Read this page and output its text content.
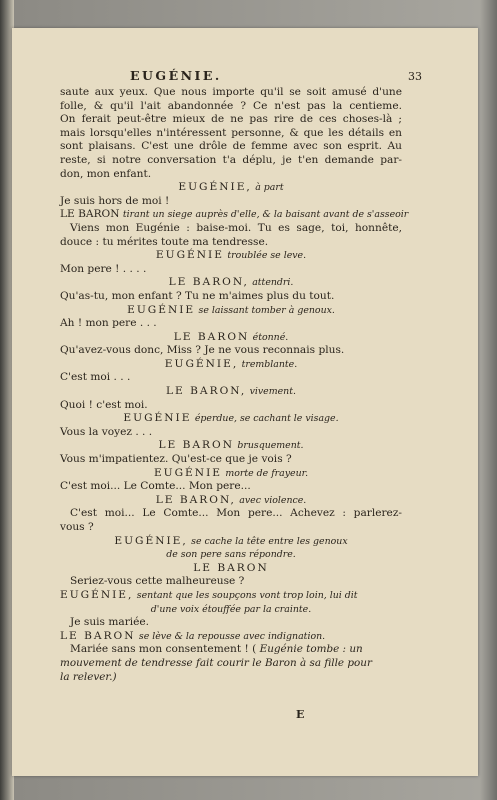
EUGÉNIE.	33
saute aux yeux. Que nous importe qu'il se soit amusé d'une
folle, & qu'il l'ait abandonnée ? Ce n'est pas la centieme.
On ferait peut-être mieux de ne pas rire de ces choses-là ;
mais lorsqu'elles n'intéressent personne, & que les détails en
sont plaisans. C'est une drôle de femme avec son esprit. Au
reste, si notre conversation t'a déplu, je t'en demande par-
don, mon enfant.
EUGÉNIE, à part
Je suis hors de moi !
LE BARON tirant un siege auprès d'elle, & la baisant avant de s'asseoir
Viens mon Eugénie : baise-moi. Tu es sage, toi, honnête,
douce : tu mérites toute ma tendresse.
EUGÉNIE troublée se leve.
Mon pere ! . . . .
LE BARON, attendri.
Qu'as-tu, mon enfant ? Tu ne m'aimes plus du tout.
EUGÉNIE se laissant tomber à genoux.
Ah ! mon pere . . .
LE BARON étonné.
Qu'avez-vous donc, Miss ? Je ne vous reconnais plus.
EUGÉNIE, tremblante.
C'est moi . . .
LE BARON, vivement.
Quoi ! c'est moi.
EUGÉNIE éperdue, se cachant le visage.
Vous la voyez . . .
LE BARON brusquement.
Vous m'impatientez. Qu'est-ce que je vois ?
EUGÉNIE morte de frayeur.
C'est moi... Le Comte... Mon pere...
LE BARON, avec violence.
C'est moi... Le Comte... Mon pere... Achevez : parlerez-
vous ?
EUGÉNIE, se cache la tête entre les genoux
de son pere sans répondre.
LE BARON
Seriez-vous cette malheureuse ?
EUGÉNIE, sentant que les soupçons vont trop loin, lui dit
d'une voix étouffée par la crainte.
Je suis mariée.
LE BARON se lève & la repousse avec indignation.
Mariée sans mon consentement ! ( Eugénie tombe : un
mouvement de tendresse fait courir le Baron à sa fille pour
la relever.)
E
